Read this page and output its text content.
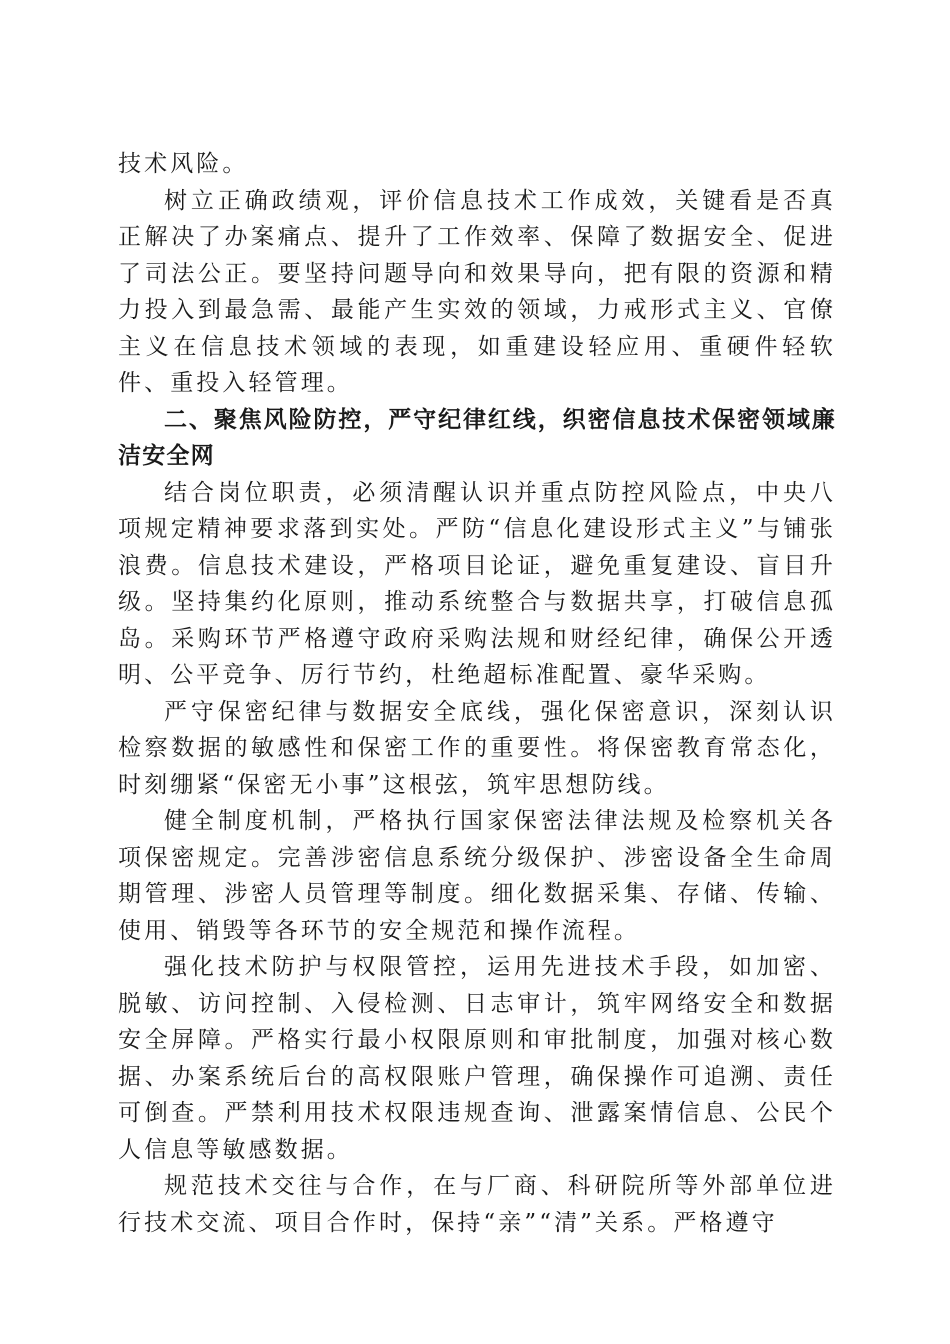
技术风险。

树立正确政绩观，评价信息技术工作成效，关键看是否真正解决了办案痛点、提升了工作效率、保障了数据安全、促进了司法公正。要坚持问题导向和效果导向，把有限的资源和精力投入到最急需、最能产生实效的领域，力戒形式主义、官僚主义在信息技术领域的表现，如重建设轻应用、重硬件轻软件、重投入轻管理。

二、聚焦风险防控，严守纪律红线，织密信息技术保密领域廉洁安全网

结合岗位职责，必须清醒认识并重点防控风险点，中央八项规定精神要求落到实处。严防“信息化建设形式主义”与铺张浪费。信息技术建设，严格项目论证，避免重复建设、盲目升级。坚持集约化原则，推动系统整合与数据共享，打破信息孤岛。采购环节严格遵守政府采购法规和财经纪律，确保公开透明、公平竞争、厉行节约，杜绝超标准配置、豪华采购。

严守保密纪律与数据安全底线，强化保密意识，深刻认识检察数据的敏感性和保密工作的重要性。将保密教育常态化，时刻绷紧“保密无小事”这根弦，筑牢思想防线。

健全制度机制，严格执行国家保密法律法规及检察机关各项保密规定。完善涉密信息系统分级保护、涉密设备全生命周期管理、涉密人员管理等制度。细化数据采集、存储、传输、使用、销毁等各环节的安全规范和操作流程。

强化技术防护与权限管控，运用先进技术手段，如加密、脱敏、访问控制、入侵检测、日志审计，筑牢网络安全和数据安全屏障。严格实行最小权限原则和审批制度，加强对核心数据、办案系统后台的高权限账户管理，确保操作可追溯、责任可倒查。严禁利用技术权限违规查询、泄露案情信息、公民个人信息等敏感数据。

规范技术交往与合作，在与厂商、科研院所等外部单位进行技术交流、项目合作时，保持“亲”“清”关系。严格遵守
